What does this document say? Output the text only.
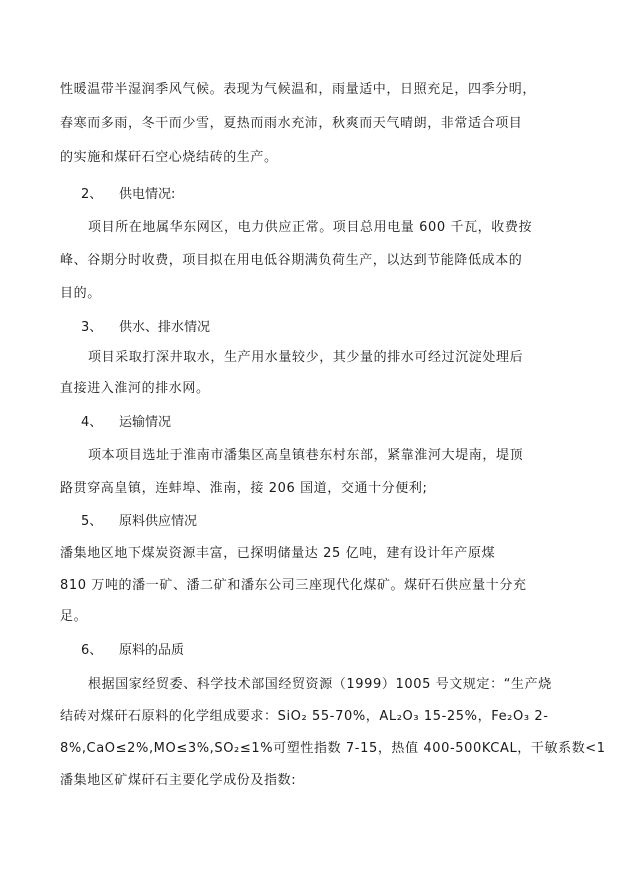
性暖温带半湿润季风气候。表现为气候温和，雨量适中，日照充足，四季分明，
春寒而多雨，冬干而少雪，夏热而雨水充沛，秋爽而天气晴朗，非常适合项目
的实施和煤矸石空心烧结砖的生产。
2、 供电情况:
项目所在地属华东网区，电力供应正常。项目总用电量 600 千瓦，收费按
峰、谷期分时收费，项目拟在用电低谷期满负荷生产，以达到节能降低成本的
目的。
3、 供水、排水情况
项目采取打深井取水，生产用水量较少，其少量的排水可经过沉淀处理后
直接进入淮河的排水网。
4、 运输情况
项本项目选址于淮南市潘集区高皇镇巷东村东部，紧靠淮河大堤南，堤顶
路贯穿高皇镇，连蚌埠、淮南，接 206 国道，交通十分便利;
5、 原料供应情况
潘集地区地下煤炭资源丰富，已探明储量达 25 亿吨，建有设计年产原煤
810 万吨的潘一矿、潘二矿和潘东公司三座现代化煤矿。煤矸石供应量十分充
足。
6、 原料的品质
根据国家经贸委、科学技术部国经贸资源（1999）1005 号文规定：“生产烧
结砖对煤矸石原料的化学组成要求：SiO₂ 55-70%，AL₂O₃ 15-25%，Fe₂O₃ 2-
8%,CaO≤2%,MO≤3%,SO₂≤1%可塑性指数 7-15，热值 400-500KCAL，干敏系数<1
潘集地区矿煤矸石主要化学成份及指数:
